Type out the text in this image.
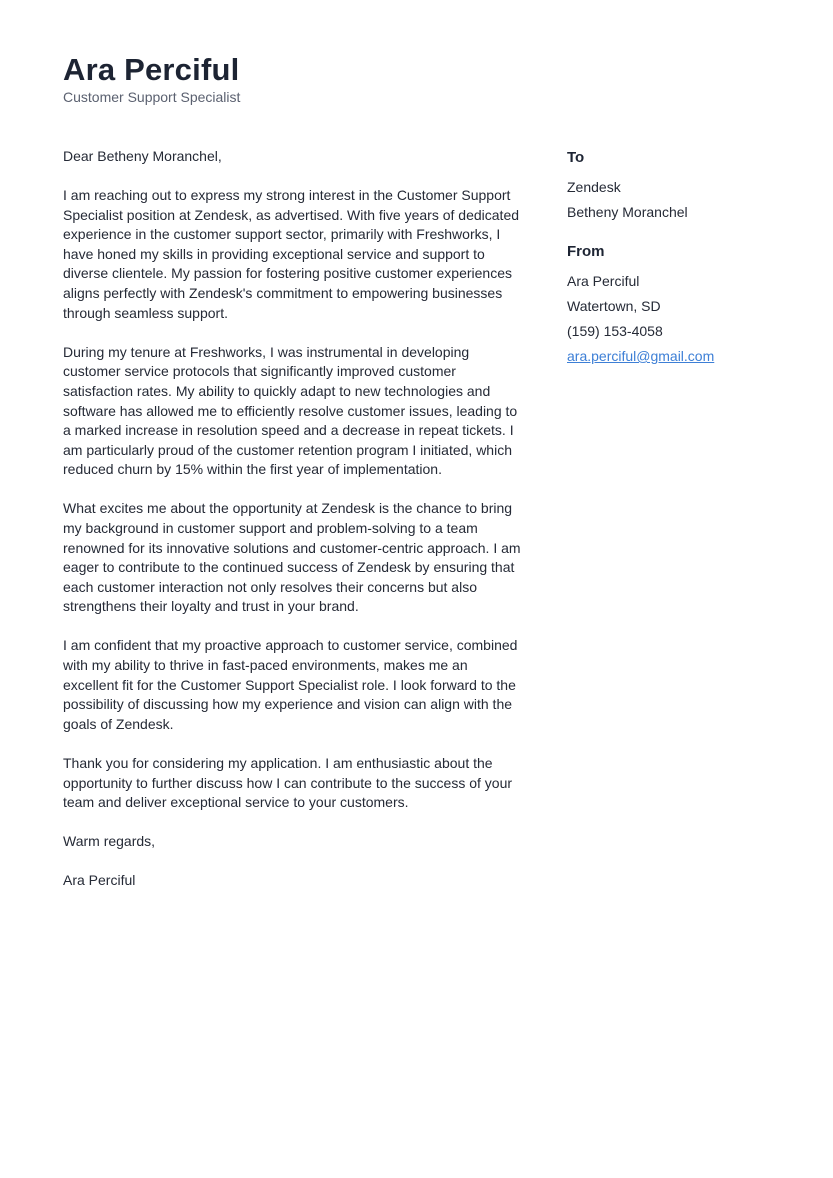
Ara Perciful
Customer Support Specialist

Dear Betheny Moranchel,

I am reaching out to express my strong interest in the Customer Support Specialist position at Zendesk, as advertised. With five years of dedicated experience in the customer support sector, primarily with Freshworks, I have honed my skills in providing exceptional service and support to diverse clientele. My passion for fostering positive customer experiences aligns perfectly with Zendesk's commitment to empowering businesses through seamless support.

During my tenure at Freshworks, I was instrumental in developing customer service protocols that significantly improved customer satisfaction rates. My ability to quickly adapt to new technologies and software has allowed me to efficiently resolve customer issues, leading to a marked increase in resolution speed and a decrease in repeat tickets. I am particularly proud of the customer retention program I initiated, which reduced churn by 15% within the first year of implementation.

What excites me about the opportunity at Zendesk is the chance to bring my background in customer support and problem-solving to a team renowned for its innovative solutions and customer-centric approach. I am eager to contribute to the continued success of Zendesk by ensuring that each customer interaction not only resolves their concerns but also strengthens their loyalty and trust in your brand.

I am confident that my proactive approach to customer service, combined with my ability to thrive in fast-paced environments, makes me an excellent fit for the Customer Support Specialist role. I look forward to the possibility of discussing how my experience and vision can align with the goals of Zendesk.

Thank you for considering my application. I am enthusiastic about the opportunity to further discuss how I can contribute to the success of your team and deliver exceptional service to your customers.

Warm regards,

Ara Perciful

To
Zendesk
Betheny Moranchel
From
Ara Perciful
Watertown, SD
(159) 153-4058
ara.perciful@gmail.com
